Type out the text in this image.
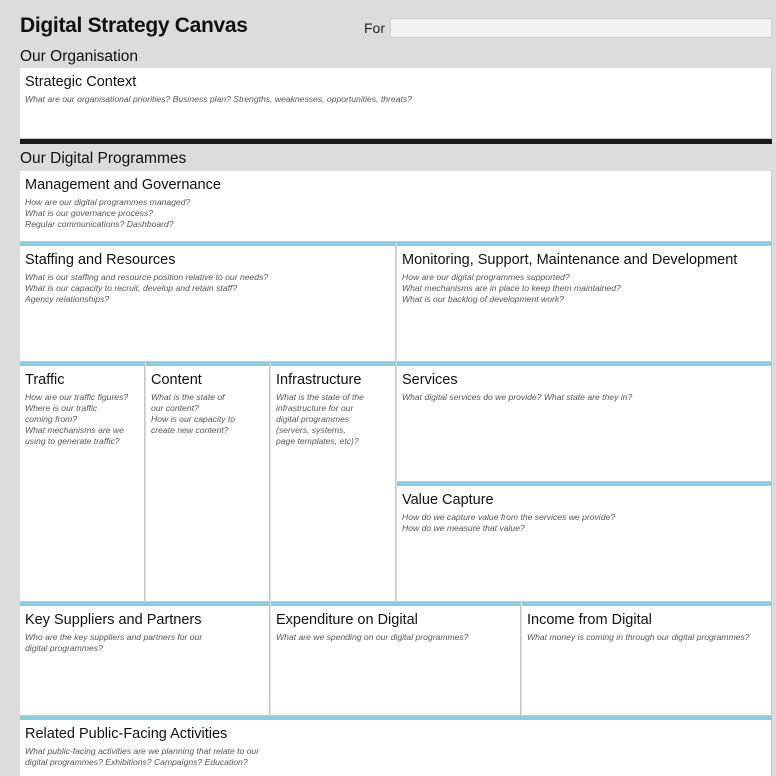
Digital Strategy Canvas	For
Our Organisation
Strategic Context
What are our organisational priorities? Business plan? Strengths, weaknesses, opportunities, threats?
Our Digital Programmes
Management and Governance
How are our digital programmes managed?
What is our governance process?
Regular communications? Dashboard?
Staffing and Resources
What is our staffing and resource position relative to our needs?
What is our capacity to recruit, develop and retain staff?
Agency relationships?
Monitoring, Support, Maintenance and Development
How are our digital programmes supported?
What mechanisms are in place to keep them maintained?
What is our backlog of development work?
Traffic
How are our traffic figures?
Where is our traffic
coming from?
What mechanisms are we
using to generate traffic?
Content
What is the state of
our content?
How is our capacity to
create new content?
Infrastructure
What is the state of the
infrastructure for our
digital programmes
(servers, systems,
page templates, etc)?
Services
What digital services do we provide? What state are they in?
Value Capture
How do we capture value from the services we provide?
How do we measure that value?
Key Suppliers and Partners
Who are the key suppliers and partners for our
digital programmes?
Expenditure on Digital
What are we spending on our digital programmes?
Income from Digital
What money is coming in through our digital programmes?
Related Public-Facing Activities
What public-facing activities are we planning that relate to our
digital programmes? Exhibitions? Campaigns? Education?
